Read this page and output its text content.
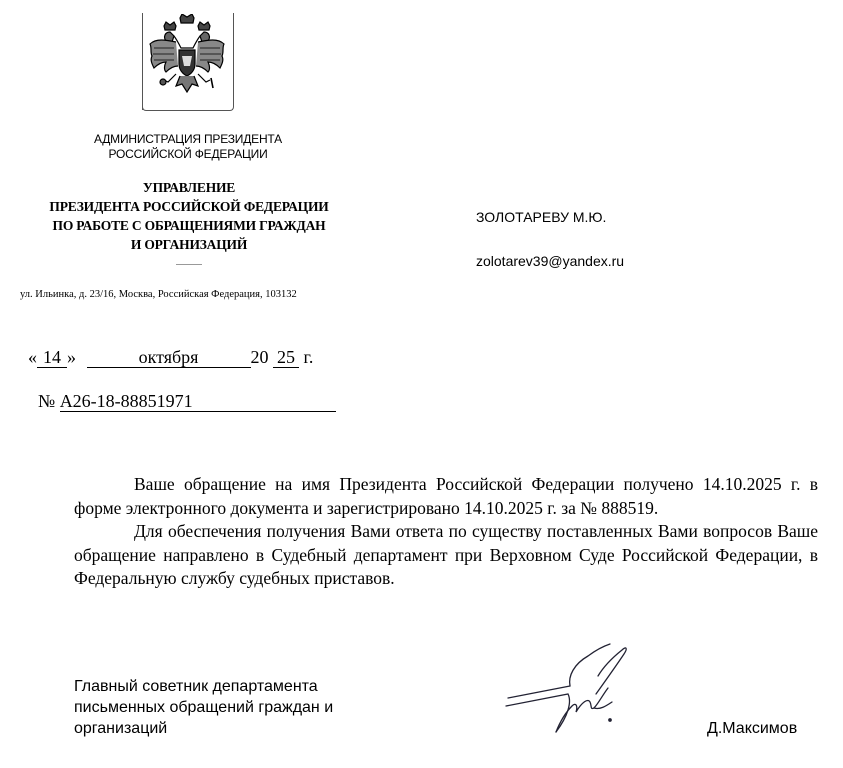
АДМИНИСТРАЦИЯ ПРЕЗИДЕНТА
РОССИЙСКОЙ ФЕДЕРАЦИИ
УПРАВЛЕНИЕ
ПРЕЗИДЕНТА РОССИЙСКОЙ ФЕДЕРАЦИИ
ПО РАБОТЕ С ОБРАЩЕНИЯМИ ГРАЖДАН
И ОРГАНИЗАЦИЙ
ул. Ильинка, д. 23/16, Москва, Российская Федерация, 103132
ЗОЛОТАРЕВУ М.Ю.
zolotarev39@yandex.ru
« 14 »	октября	20 25 г.
№ А26-18-88851971

Ваше обращение на имя Президента Российской Федерации получено 14.10.2025 г. в форме электронного документа и зарегистрировано 14.10.2025 г. за № 888519.

Для обеспечения получения Вами ответа по существу поставленных Вами вопросов Ваше обращение направлено в Судебный департамент при Верховном Суде Российской Федерации, в Федеральную службу судебных приставов.

Главный советник департамента
письменных обращений граждан и
организаций	Д.Максимов
